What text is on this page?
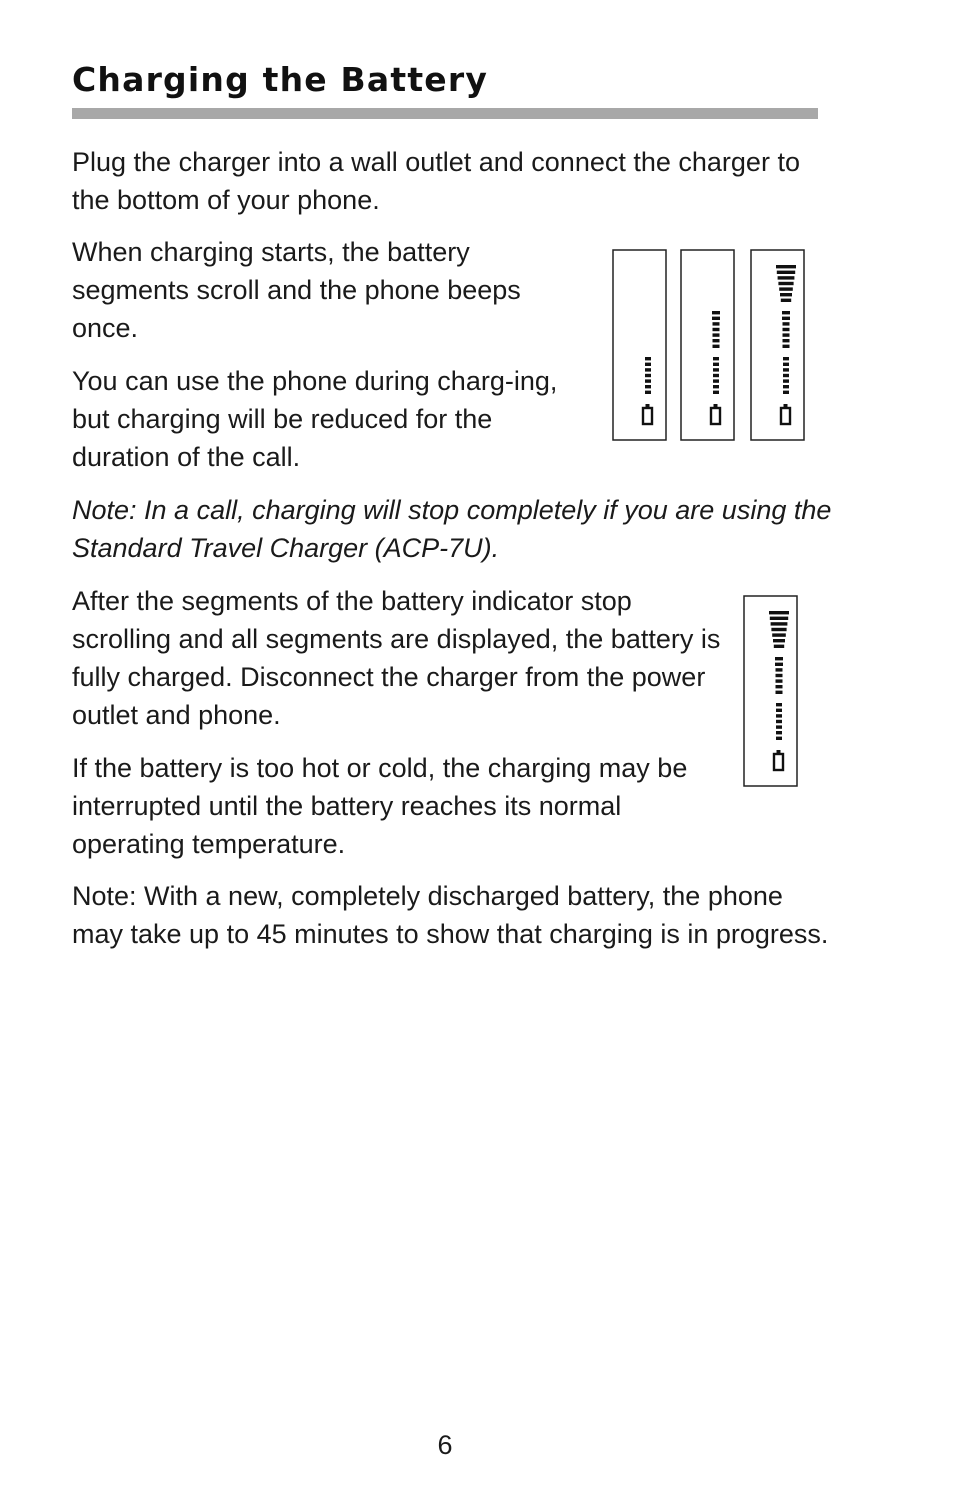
Charging the Battery

Plug the charger into a wall outlet and connect the charger to the bottom of your phone.

When charging starts, the battery segments scroll and the phone beeps once.

You can use the phone during charg-ing, but charging will be reduced for the duration of the call.

Note: In a call, charging will stop completely if you are using the Standard Travel Charger (ACP-7U).

After the segments of the battery indicator stop scrolling and all segments are displayed, the battery is fully charged. Disconnect the charger from the power outlet and phone.

If the battery is too hot or cold, the charging may be interrupted until the battery reaches its normal operating temperature.

Note: With a new, completely discharged battery, the phone may take up to 45 minutes to show that charging is in progress.

6
